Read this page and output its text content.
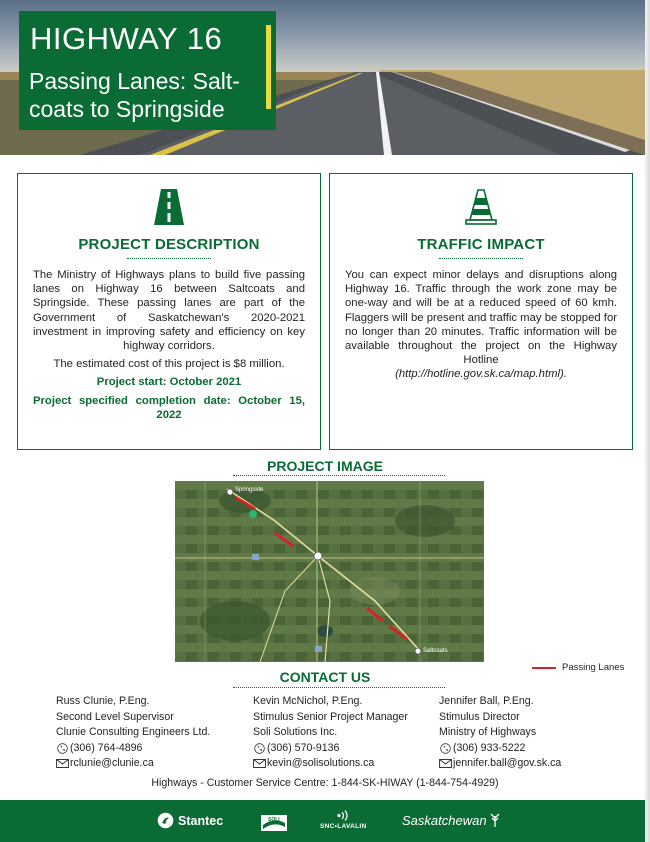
HIGHWAY 16
Passing Lanes: Salt-
coats to Springside
PROJECT DESCRIPTION

The Ministry of Highways plans to build five passing lanes on Highway 16 between Saltcoats and Springside. These passing lanes are part of the Government of Saskatchewan's 2020-2021 investment in improving safety and efficiency on key highway corridors.

The estimated cost of this project is $8 million.

Project start: October 2021

Project specified completion date: October 15, 2022

TRAFFIC IMPACT

You can expect minor delays and disruptions along Highway 16. Traffic through the work zone may be one-way and will be at a reduced speed of 60 kmh. Flaggers will be present and traffic may be stopped for no longer than 20 minutes. Traffic information will be available throughout the project on the Highway Hotline

(http://hotline.gov.sk.ca/map.html).

PROJECT IMAGE
Springside
Saltcoats
Passing Lanes
CONTACT US
Russ Clunie, P.Eng.
Second Level Supervisor
Clunie Consulting Engineers Ltd.
(306) 764-4896
rclunie@clunie.ca
Kevin McNichol, P.Eng.
Stimulus Senior Project Manager
Soli Solutions Inc.
(306) 570-9136
kevin@solisolutions.ca
Jennifer Ball, P.Eng.
Stimulus Director
Ministry of Highways
(306) 933-5222
jennifer.ball@gov.sk.ca
Highways - Customer Service Centre: 1-844-SK-HIWAY (1-844-754-4929)
Stantec	SOLI
SNC•LAVALIN	Saskatchewan
